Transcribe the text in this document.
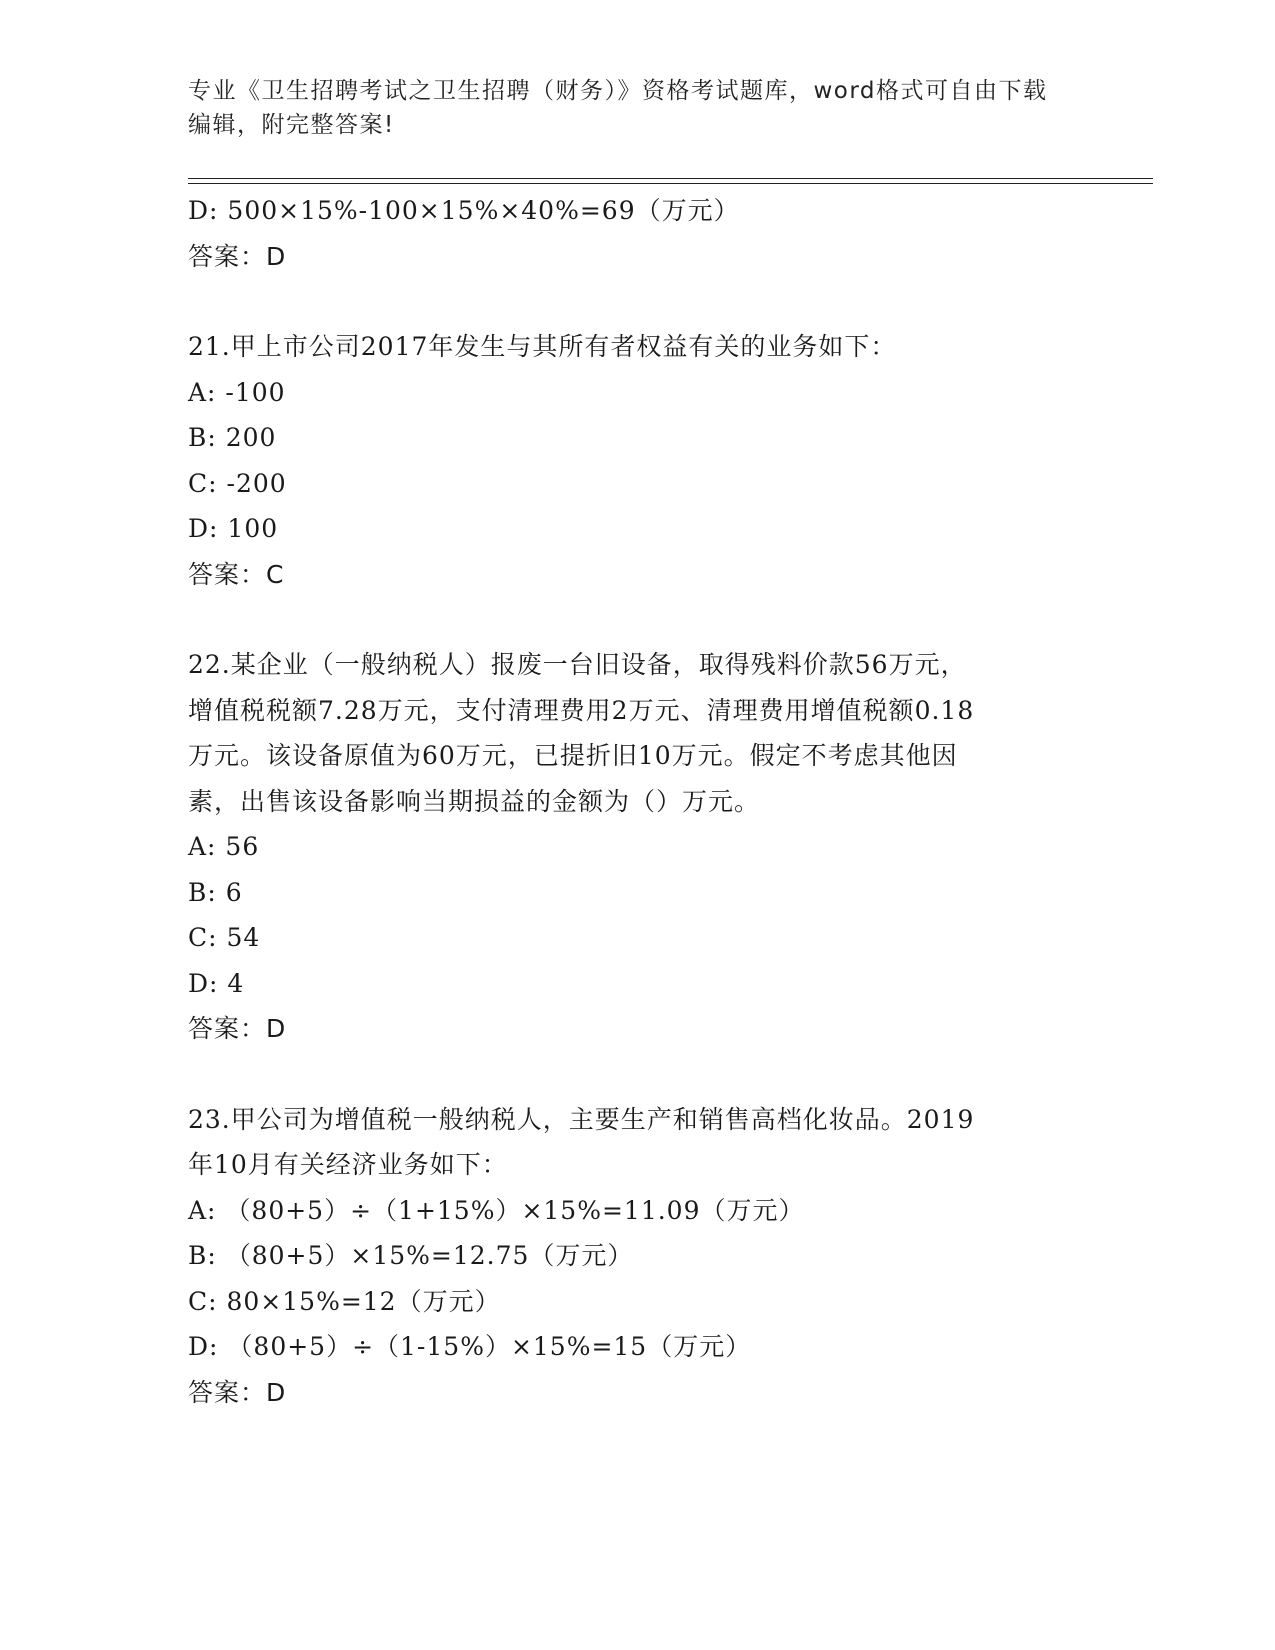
专业《卫生招聘考试之卫生招聘（财务）》资格考试题库，word格式可自由下载
编辑，附完整答案!
D: 500×15%-100×15%×40%=69（万元）
答案：D
21.甲上市公司2017年发生与其所有者权益有关的业务如下：
A: -100
B: 200
C: -200
D: 100
答案：C
22.某企业（一般纳税人）报废一台旧设备，取得残料价款56万元，
增值税税额7.28万元，支付清理费用2万元、清理费用增值税额0.18
万元。该设备原值为60万元，已提折旧10万元。假定不考虑其他因
素，出售该设备影响当期损益的金额为（）万元。
A: 56
B: 6
C: 54
D: 4
答案：D
23.甲公司为增值税一般纳税人，主要生产和销售高档化妆品。2019
年10月有关经济业务如下：
A: （80+5）÷（1+15%）×15%=11.09（万元）
B: （80+5）×15%=12.75（万元）
C: 80×15%=12（万元）
D: （80+5）÷（1-15%）×15%=15（万元）
答案：D
